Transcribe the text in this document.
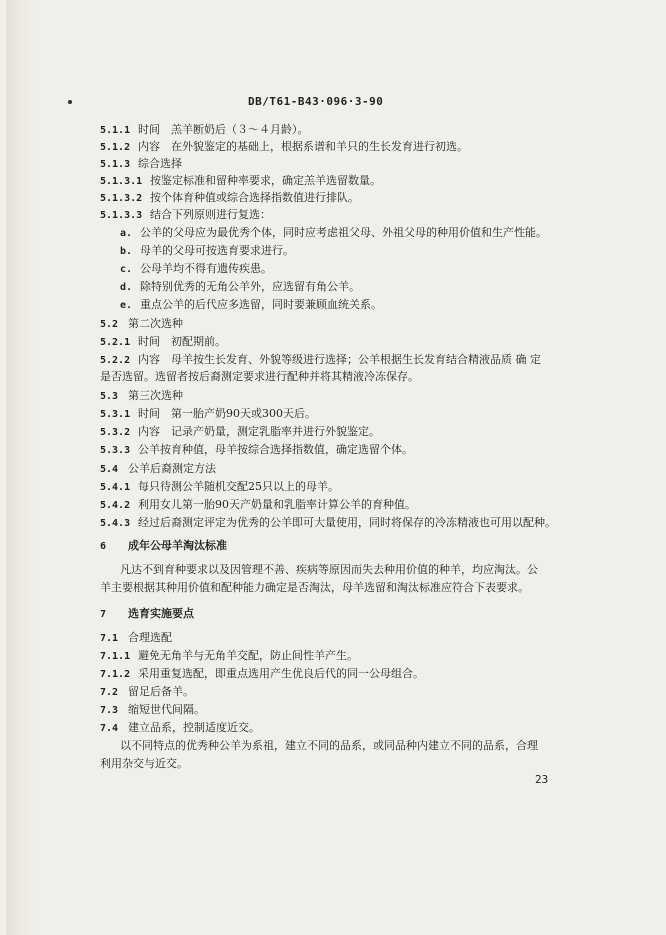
DB/T61-B43·096·3-90
5.1.1 时间　羔羊断奶后（３～４月龄）。
5.1.2 内容　在外貌鉴定的基础上，根据系谱和羊只的生长发育进行初选。
5.1.3 综合选择
5.1.3.1 按鉴定标准和留种率要求，确定羔羊选留数量。
5.1.3.2 按个体育种值或综合选择指数值进行排队。
5.1.3.3 结合下列原则进行复选：
a. 公羊的父母应为最优秀个体，同时应考虑祖父母、外祖父母的种用价值和生产性能。
b. 母羊的父母可按选育要求进行。
c. 公母羊均不得有遗传疾患。
d. 除特别优秀的无角公羊外，应选留有角公羊。
e. 重点公羊的后代应多选留，同时要兼顾血统关系。
5.2 第二次选种
5.2.1 时间　初配期前。
5.2.2 内容　母羊按生长发育、外貌等级进行选择；公羊根据生长发育结合精液品质 确 定
是否选留。选留者按后裔测定要求进行配种并将其精液冷冻保存。
5.3 第三次选种
5.3.1 时间　第一胎产奶90天或300天后。
5.3.2 内容　记录产奶量，测定乳脂率并进行外貌鉴定。
5.3.3 公羊按育种值，母羊按综合选择指数值，确定选留个体。
5.4 公羊后裔测定方法
5.4.1 每只待测公羊随机交配25只以上的母羊。
5.4.2 利用女儿第一胎90天产奶量和乳脂率计算公羊的育种值。
5.4.3 经过后裔测定评定为优秀的公羊即可大量使用，同时将保存的冷冻精液也可用以配种。
6 成年公母羊淘汰标准
凡达不到育种要求以及因管理不善、疾病等原因而失去种用价值的种羊，均应淘汰。公
羊主要根据其种用价值和配种能力确定是否淘汰，母羊选留和淘汰标准应符合下表要求。
7 选育实施要点
7.1 合理选配
7.1.1 避免无角羊与无角羊交配，防止间性羊产生。
7.1.2 采用重复选配，即重点选用产生优良后代的同一公母组合。
7.2 留足后备羊。
7.3 缩短世代间隔。
7.4 建立品系，控制适度近交。
以不同特点的优秀种公羊为系祖，建立不同的品系，或同品种内建立不同的品系，合理
利用杂交与近交。
23
